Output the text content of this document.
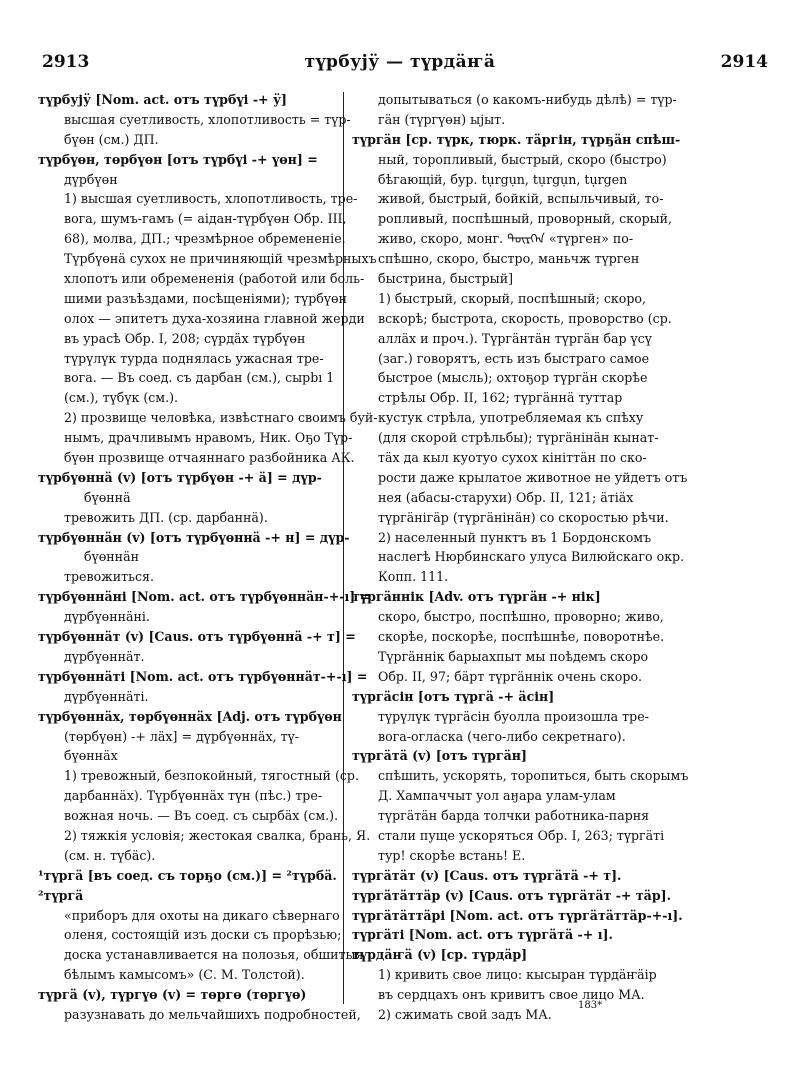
2913	түрбујӱ — түрдӓҥӓ	2914
түрбујӱ [Nom. act. отъ түрбүі -+ ӱ]
высшая суетливость, хлопотливость = түр-
бүөн (см.) ДП.
түрбүөн, төрбүөн [отъ түрбүі -+ үөн] =
дүрбүөн
1) высшая суетливость, хлопотливость, тре-
вога, шумъ-гамъ (= аідан-түрбүөн Обр. III,
68), молва, ДП.; чрезмѣрное обремененіе.
Түрбүөнӓ сухох не причиняющій чрезмѣрныхъ
хлопотъ или обремененія (работой или боль-
шими разъѣздами, посѣщеніями); түрбүөн
олох — эпитетъ духа-хозяина главной жерди
въ урасѣ Обр. I, 208; сүрдӓх түрбүөн
түрүлүк турда поднялась ужасная тре-
вога. — Въ соед. съ дарбан (см.), сырbı 1
(см.), түбүк (см.).
2) прозвище человѣка, извѣстнаго своимъ буй-
нымъ, драчливымъ нравомъ, Ник. Оҕо Түр-
бүөн прозвище отчаяннаго разбойника АК.
түрбүөннӓ (v) [отъ түрбүөн -+ ӓ] = дүр-
бүөннӓ
тревожить ДП. (ср. дарбаннӓ).
түрбүөннӓн (v) [отъ түрбүөннӓ -+ н] = дүр-
бүөннӓн
тревожиться.
түрбүөннӓні [Nom. act. отъ түрбүөннӓн-+-ı] =
дүрбүөннӓні.
түрбүөннӓт (v) [Caus. отъ түрбүөннӓ -+ т] =
дүрбүөннӓт.
түрбүөннӓті [Nom. act. отъ түрбүөннӓт-+-ı] =
дүрбүөннӓті.
түрбүөннӓх, төрбүөннӓх [Adj. отъ түрбүөн
(төрбүөн) -+ лӓх] = дүрбүөннӓх, тү-
бүөннӓх
1) тревожный, безпокойный, тягостный (ср.
дарбаннӓх). Түрбүөннӓх түн (пѣс.) тре-
вожная ночь. — Въ соед. съ сырбӓх (см.).
2) тяжкія условія; жестокая свалка, брань, Я.
(см. н. түбӓс).
¹түргӓ [въ соед. съ торҕо (см.)] = ²түрбӓ.
²түргӓ
«приборъ для охоты на дикаго сѣвернаго
оленя, состоящій изъ доски съ прорѣзью;
доска устанавливается на полозья, обшитыя
бѣлымъ камысомъ» (С. М. Толстой).
түргӓ (v), түргүө (v) = төргө (төргүө)
разузнавать до мельчайшихъ подробностей,
допытываться (о какомъ-нибудь дѣлѣ) = түр-
гӓн (түргүөн) ыјыт.
түргӓн [ср. түрк, тюрк. тӓргін, түрҕӓн спѣш-
ный, торопливый, быстрый, скоро (быстро)
бѣгающій, бур. tụrgụn, tụrgụn, tụrgen
живой, быстрый, бойкій, вспыльчивый, то-
ропливый, поспѣшный, проворный, скорый,
живо, скоро, монг. ᠲᠦᠷᠭᠡᠨ «түрген» по-
спѣшно, скоро, быстро, маньчж түрген
быстрина, быстрый]
1) быстрый, скорый, поспѣшный; скоро,
вскорѣ; быстрота, скорость, проворство (ср.
аллӓх и проч.). Түргӓнтӓн түргӓн бар үсү
(заг.) говорятъ, есть изъ быстраго самое
быстрое (мысль); охтоҕор түргӓн скорѣе
стрѣлы Обр. II, 162; түргӓннӓ туттар
кустук стрѣла, употребляемая къ спѣху
(для скорой стрѣльбы); түргӓнінӓн кынат-
тӓх да кыл куотуо сухох кініттӓн по ско-
рости даже крылатое животное не уйдетъ отъ
нея (абасы-старухи) Обр. II, 121; ӓтіӓх
түргӓнігӓр (түргӓнінӓн) со скоростью рѣчи.
2) населенный пунктъ въ 1 Бордонскомъ
наслегѣ Нюрбинскаго улуса Вилюйскаго окр.
Копп. 111.
түргӓннік [Adv. отъ түргӓн -+ нік]
скоро, быстро, поспѣшно, проворно; живо,
скорѣе, поскорѣе, поспѣшнѣе, поворотнѣе.
Түргӓннік барыахпыт мы поѣдемъ скоро
Обр. II, 97; бӓрт түргӓннік очень скоро.
түргӓсін [отъ түргӓ -+ ӓсін]
түрүлүк түргӓсін буолла произошла тре-
вога-огласка (чего-либо секретнаго).
түргӓтӓ (v) [отъ түргӓн]
спѣшить, ускорять, торопиться, быть скорымъ
Д. Хампаччыт уол аӈара улам-улам
түргӓтӓн барда толчки работника-парня
стали пуще ускоряться Обр. I, 263; түргӓті
тур! скорѣе встань! Е.
түргӓтӓт (v) [Caus. отъ түргӓтӓ -+ т].
түргӓтӓттӓр (v) [Caus. отъ түргӓтӓт -+ тӓр].
түргӓтӓттӓрі [Nom. act. отъ түргӓтӓттӓр-+-ı].
түргӓті [Nom. act. отъ түргӓтӓ -+ ı].
түрдӓҥӓ (v) [ср. түрдӓр]
1) кривить свое лицо: кысыран түрдӓҥӓір
въ сердцахъ онъ кривитъ свое лицо МА.
2) сжимать свой задъ МА.
183*
